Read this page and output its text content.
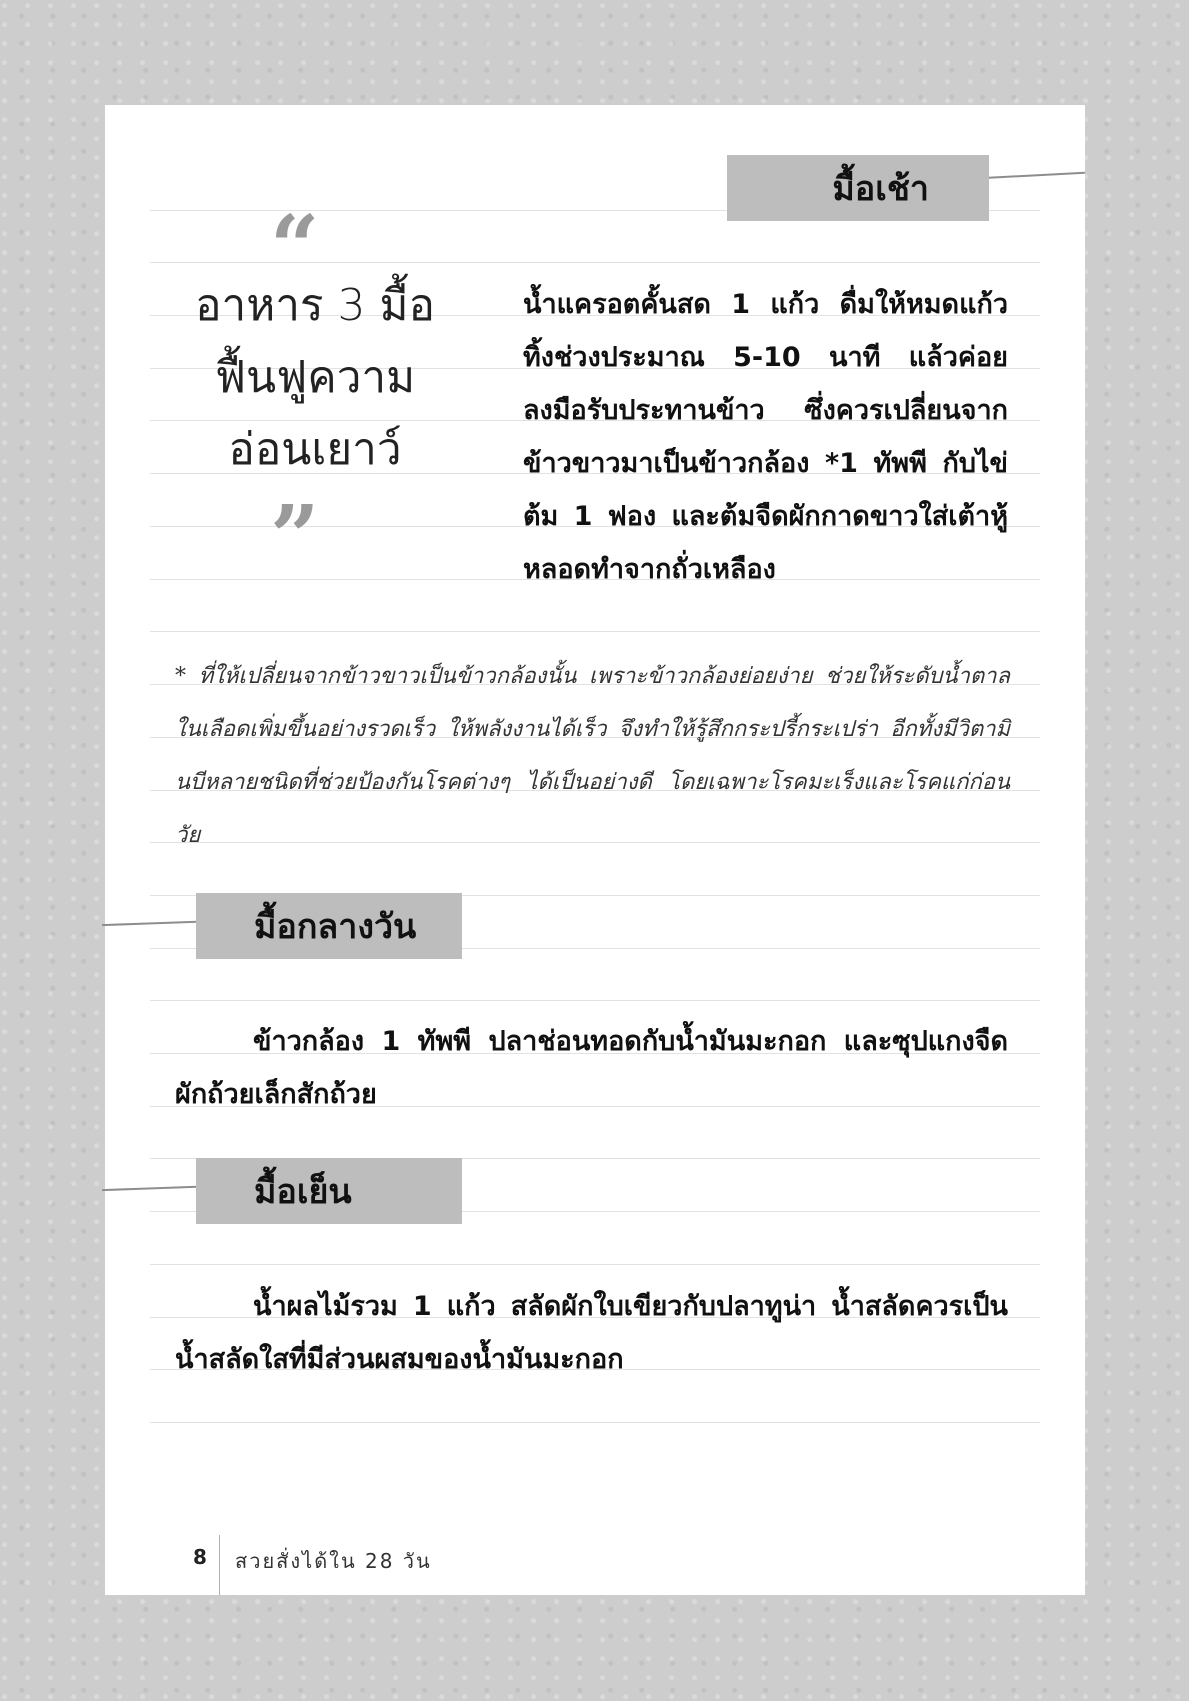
มื้อเช้า
“
อาหาร 3 มื้อ
ฟื้นฟูความ
อ่อนเยาว์
”
น้ำแครอตคั้นสด 1 แก้ว ดื่มให้หมดแก้ว ทิ้งช่วงประมาณ 5-10 นาที แล้วค่อยลงมือรับประทานข้าว ซึ่งควรเปลี่ยนจากข้าวขาวมาเป็นข้าวกล้อง *1 ทัพพี กับไข่ต้ม 1 ฟอง และต้มจืดผักกาดขาวใส่เต้าหู้หลอดทำจากถั่วเหลือง
* ที่ให้เปลี่ยนจากข้าวขาวเป็นข้าวกล้องนั้น เพราะข้าวกล้องย่อยง่าย ช่วยให้ระดับน้ำตาลในเลือดเพิ่มขึ้นอย่างรวดเร็ว ให้พลังงานได้เร็ว จึงทำให้รู้สึกกระปรี้กระเปร่า อีกทั้งมีวิตามินบีหลายชนิดที่ช่วยป้องกันโรคต่างๆ ได้เป็นอย่างดี โดยเฉพาะโรคมะเร็งและโรคแก่ก่อนวัย
มื้อกลางวัน
ข้าวกล้อง 1 ทัพพี ปลาช่อนทอดกับน้ำมันมะกอก และซุปแกงจืดผักถ้วยเล็กสักถ้วย
มื้อเย็น
น้ำผลไม้รวม 1 แก้ว สลัดผักใบเขียวกับปลาทูน่า น้ำสลัดควรเป็นน้ำสลัดใสที่มีส่วนผสมของน้ำมันมะกอก
8 สวยสั่งได้ใน 28 วัน
